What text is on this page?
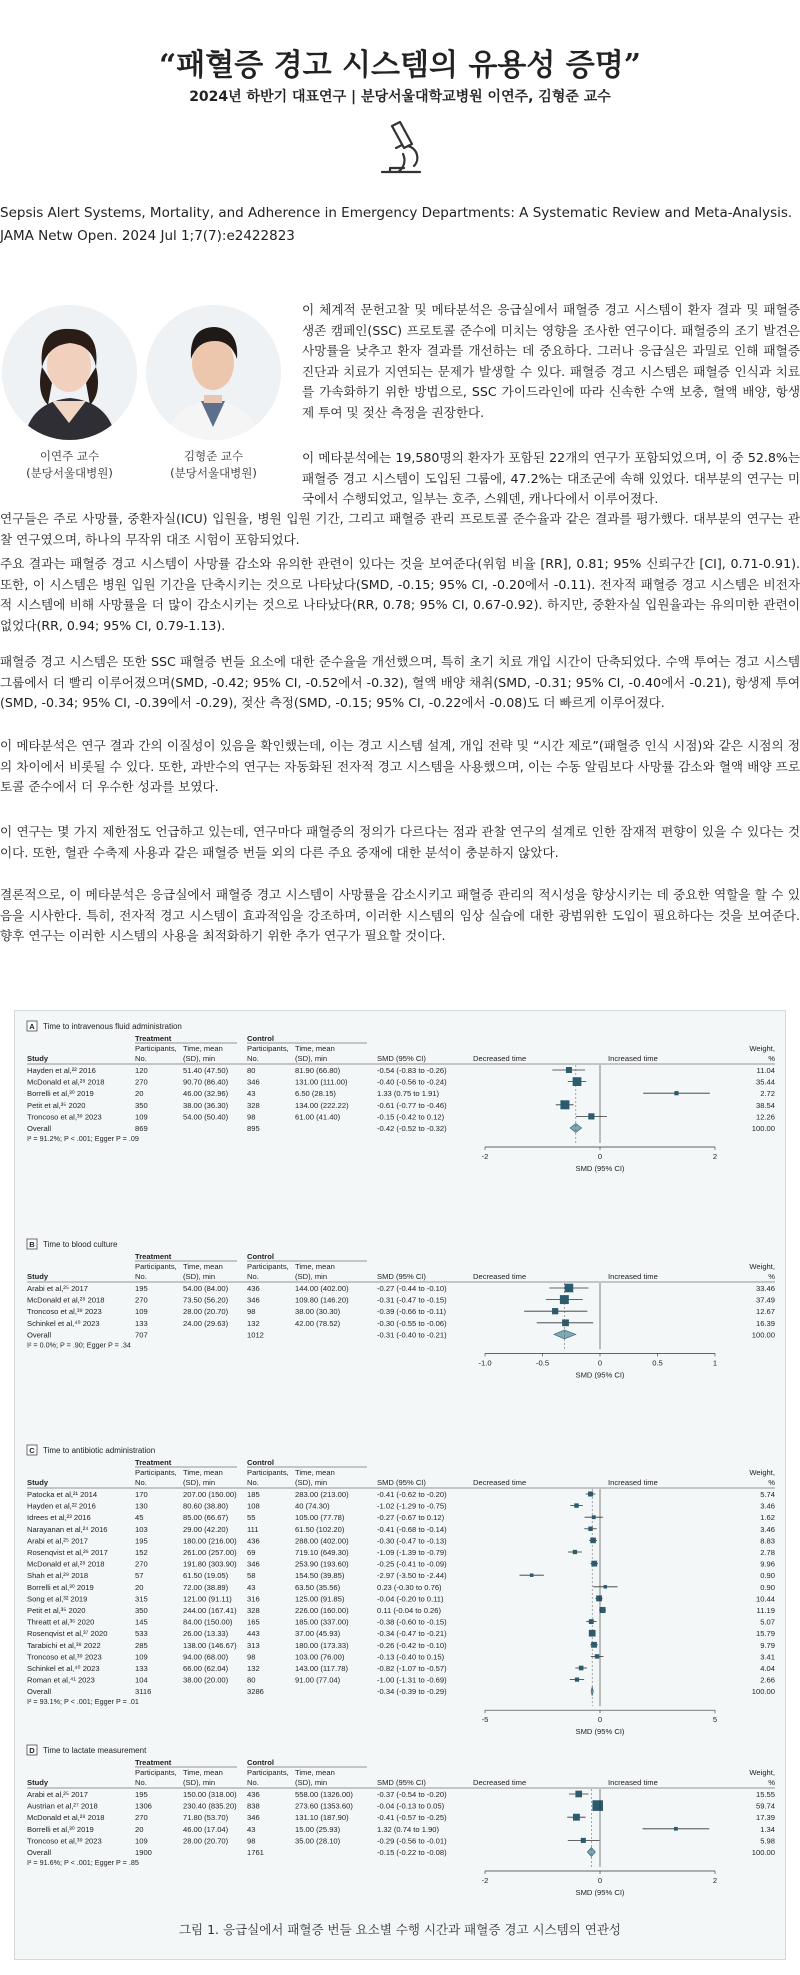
“패혈증 경고 시스템의 유용성 증명”
2024년 하반기 대표연구 | 분당서울대학교병원 이연주, 김형준 교수
Sepsis Alert Systems, Mortality, and Adherence in Emergency Departments: A Systematic Review and Meta-Analysis. JAMA Netw Open. 2024 Jul 1;7(7):e2422823
이연주 교수
(분당서울대병원)
김형준 교수
(분당서울대병원)
이 체계적 문헌고찰 및 메타분석은 응급실에서 패혈증 경고 시스템이 환자 결과 및 패혈증 생존 캠페인(SSC) 프로토콜 준수에 미치는 영향을 조사한 연구이다. 패혈증의 조기 발견은 사망률을 낮추고 환자 결과를 개선하는 데 중요하다. 그러나 응급실은 과밀로 인해 패혈증 진단과 치료가 지연되는 문제가 발생할 수 있다. 패혈증 경고 시스템은 패혈증 인식과 치료를 가속화하기 위한 방법으로, SSC 가이드라인에 따라 신속한 수액 보충, 혈액 배양, 항생제 투여 및 젖산 측정을 권장한다.
이 메타분석에는 19,580명의 환자가 포함된 22개의 연구가 포함되었으며, 이 중 52.8%는 패혈증 경고 시스템이 도입된 그룹에, 47.2%는 대조군에 속해 있었다. 대부분의 연구는 미국에서 수행되었고, 일부는 호주, 스웨덴, 캐나다에서 이루어졌다.
연구들은 주로 사망률, 중환자실(ICU) 입원율, 병원 입원 기간, 그리고 패혈증 관리 프로토콜 준수율과 같은 결과를 평가했다. 대부분의 연구는 관찰 연구였으며, 하나의 무작위 대조 시험이 포함되었다.
주요 결과는 패혈증 경고 시스템이 사망률 감소와 유의한 관련이 있다는 것을 보여준다(위험 비율 [RR], 0.81; 95% 신뢰구간 [CI], 0.71-0.91). 또한, 이 시스템은 병원 입원 기간을 단축시키는 것으로 나타났다(SMD, -0.15; 95% CI, -0.20에서 -0.11). 전자적 패혈증 경고 시스템은 비전자적 시스템에 비해 사망률을 더 많이 감소시키는 것으로 나타났다(RR, 0.78; 95% CI, 0.67-0.92). 하지만, 중환자실 입원율과는 유의미한 관련이 없었다(RR, 0.94; 95% CI, 0.79-1.13).
패혈증 경고 시스템은 또한 SSC 패혈증 번들 요소에 대한 준수율을 개선했으며, 특히 초기 치료 개입 시간이 단축되었다. 수액 투여는 경고 시스템 그룹에서 더 빨리 이루어졌으며(SMD, -0.42; 95% CI, -0.52에서 -0.32), 혈액 배양 채취(SMD, -0.31; 95% CI, -0.40에서 -0.21), 항생제 투여(SMD, -0.34; 95% CI, -0.39에서 -0.29), 젖산 측정(SMD, -0.15; 95% CI, -0.22에서 -0.08)도 더 빠르게 이루어졌다.
이 메타분석은 연구 결과 간의 이질성이 있음을 확인했는데, 이는 경고 시스템 설계, 개입 전략 및 “시간 제로”(패혈증 인식 시점)와 같은 시점의 정의 차이에서 비롯될 수 있다. 또한, 과반수의 연구는 자동화된 전자적 경고 시스템을 사용했으며, 이는 수동 알림보다 사망률 감소와 혈액 배양 프로토콜 준수에서 더 우수한 성과를 보였다.
이 연구는 몇 가지 제한점도 언급하고 있는데, 연구마다 패혈증의 정의가 다르다는 점과 관찰 연구의 설계로 인한 잠재적 편향이 있을 수 있다는 것이다. 또한, 혈관 수축제 사용과 같은 패혈증 번들 외의 다른 주요 중재에 대한 분석이 충분하지 않았다.
결론적으로, 이 메타분석은 응급실에서 패혈증 경고 시스템이 사망률을 감소시키고 패혈증 관리의 적시성을 향상시키는 데 중요한 역할을 할 수 있음을 시사한다. 특히, 전자적 경고 시스템이 효과적임을 강조하며, 이러한 시스템의 임상 실습에 대한 광범위한 도입이 필요하다는 것을 보여준다. 향후 연구는 이러한 시스템의 사용을 최적화하기 위한 추가 연구가 필요할 것이다.
A Time to intravenous fluid administration
Treatment	Control
Weight,
Participants, Time, mean	Participants, Time, mean
Decreased time	Increased time
Study	No.	(SD), min	No.	(SD), min	SMD (95% CI)	%
Hayden et al,²² 2016	120	51.40 (47.50) 80	81.90 (66.80)	-0.54 (-0.83 to -0.26)	11.04
McDonald et al,²⁸ 2018	270	90.70 (86.40) 346	131.00 (111.00)	-0.40 (-0.56 to -0.24)	35.44
Borrelli et al,³⁰ 2019	20	46.00 (32.96) 43	6.50 (28.15)	1.33 (0.75 to 1.91)	2.72
Petit et al,³⁵ 2020	350	38.00 (36.30) 328	134.00 (222.22)	-0.61 (-0.77 to -0.46)	38.54
Troncoso et al,³⁹ 2023	109	54.00 (50.40) 98	61.00 (41.40)	-0.15 (-0.42 to 0.12)	12.26
Overall	869	895	-0.42 (-0.52 to -0.32)	100.00
I² = 91.2%; P < .001; Egger P = .09
-2	0	2
SMD (95% CI)
B Time to blood culture
Treatment	Control
Weight,
Participants, Time, mean	Participants, Time, mean
Decreased time	Increased time
Study	No.	(SD), min	No.	(SD), min	SMD (95% CI)	%
Arabi et al,²⁵ 2017	195	54.00 (84.00) 436	144.00 (402.00)	-0.27 (-0.44 to -0.10)	33.46
McDonald et al,²⁸ 2018	270	73.50 (56.20) 346	109.80 (146.20)	-0.31 (-0.47 to -0.15)	37.49
Troncoso et al,³⁹ 2023	109	28.00 (20.70) 98	38.00 (30.30)	-0.39 (-0.66 to -0.11)	12.67
Schinkel et al,⁴⁰ 2023	133	24.00 (29.63) 132	42.00 (78.52)	-0.30 (-0.55 to -0.06)	16.39
Overall	707	1012	-0.31 (-0.40 to -0.21)	100.00
I² = 0.0%; P = .90; Egger P = .34
-1.0	-0.5	0	0.5	1
SMD (95% CI)
C Time to antibiotic administration
Treatment	Control
Weight,
Participants, Time, mean	Participants, Time, mean
Decreased time	Increased time
Study	No.	(SD), min	No.	(SD), min	SMD (95% CI)	%
Patocka et al,²¹ 2014	170	207.00 (150.00) 185	283.00 (213.00)	-0.41 (-0.62 to -0.20)	5.74
Hayden et al,²² 2016	130	80.60 (38.80) 108	40 (74.30)	-1.02 (-1.29 to -0.75)	3.46
Idrees et al,²³ 2016	45	85.00 (66.67) 55	105.00 (77.78)	-0.27 (-0.67 to 0.12)	1.62
Narayanan et al,²⁴ 2016	103	29.00 (42.20) 111	61.50 (102.20)	-0.41 (-0.68 to -0.14)	3.46
Arabi et al,²⁵ 2017	195	180.00 (216.00) 436	288.00 (402.00)	-0.30 (-0.47 to -0.13)	8.83
Rosenqvist et al,²⁶ 2017	152	261.00 (257.00) 69	719.10 (649.30)	-1.09 (-1.39 to -0.79)	2.78
McDonald et al,²⁸ 2018	270	191.80 (303.90) 346	253.90 (193.60)	-0.25 (-0.41 to -0.09)	9.96
Shah et al,²⁹ 2018	57	61.50 (19.05) 58	154.50 (39.85)	-2.97 (-3.50 to -2.44)	0.90
Borrelli et al,³⁰ 2019	20	72.00 (38.89) 43	63.50 (35.56)	0.23 (-0.30 to 0.76)	0.90
Song et al,³² 2019	315	121.00 (91.11) 316	125.00 (91.85)	-0.04 (-0.20 to 0.11)	10.44
Petit et al,³⁵ 2020	350	244.00 (167.41) 328	226.00 (160.00)	0.11 (-0.04 to 0.26)	11.19
Threatt et al,³⁶ 2020	145	84.00 (150.00) 165	185.00 (337.00)	-0.38 (-0.60 to -0.15)	5.07
Rosenqvist et al,³⁷ 2020	533	26.00 (13.33) 443	37.00 (45.93)	-0.34 (-0.47 to -0.21)	15.79
Tarabichi et al,³⁸ 2022	285	138.00 (146.67) 313	180.00 (173.33)	-0.26 (-0.42 to -0.10)	9.79
Troncoso et al,³⁹ 2023	109	94.00 (68.00) 98	103.00 (76.00)	-0.13 (-0.40 to 0.15)	3.41
Schinkel et al,⁴⁰ 2023	133	66.00 (62.04) 132	143.00 (117.78)	-0.82 (-1.07 to -0.57)	4.04
Roman et al,⁴¹ 2023	104	38.00 (20.00) 80	91.00 (77.04)	-1.00 (-1.31 to -0.69)	2.66
Overall	3116	3286	-0.34 (-0.39 to -0.29)	100.00
I² = 93.1%; P < .001; Egger P = .01
-5	0	5
SMD (95% CI)
D Time to lactate measurement
Treatment	Control
Weight,
Participants, Time, mean	Participants, Time, mean
Decreased time	Increased time
Study	No.	(SD), min	No.	(SD), min	SMD (95% CI)	%
Arabi et al,²⁵ 2017	195	150.00 (318.00) 436	558.00 (1326.00)	-0.37 (-0.54 to -0.20)	15.55
Austrian et al,²⁷ 2018	1306	230.40 (835.20) 838	273.60 (1353.60)	-0.04 (-0.13 to 0.05)	59.74
McDonald et al,²⁸ 2018	270	71.80 (53.70) 346	131.10 (187.90)	-0.41 (-0.57 to -0.25)	17.39
Borrelli et al,³⁰ 2019	20	46.00 (17.04) 43	15.00 (25.93)	1.32 (0.74 to 1.90)	1.34
Troncoso et al,³⁹ 2023	109	28.00 (20.70) 98	35.00 (28.10)	-0.29 (-0.56 to -0.01)	5.98
Overall	1900	1761	-0.15 (-0.22 to -0.08)	100.00
I² = 91.6%; P < .001; Egger P = .85
-2	0	2
SMD (95% CI)
그림 1. 응급실에서 패혈증 번들 요소별 수행 시간과 패혈증 경고 시스템의 연관성
